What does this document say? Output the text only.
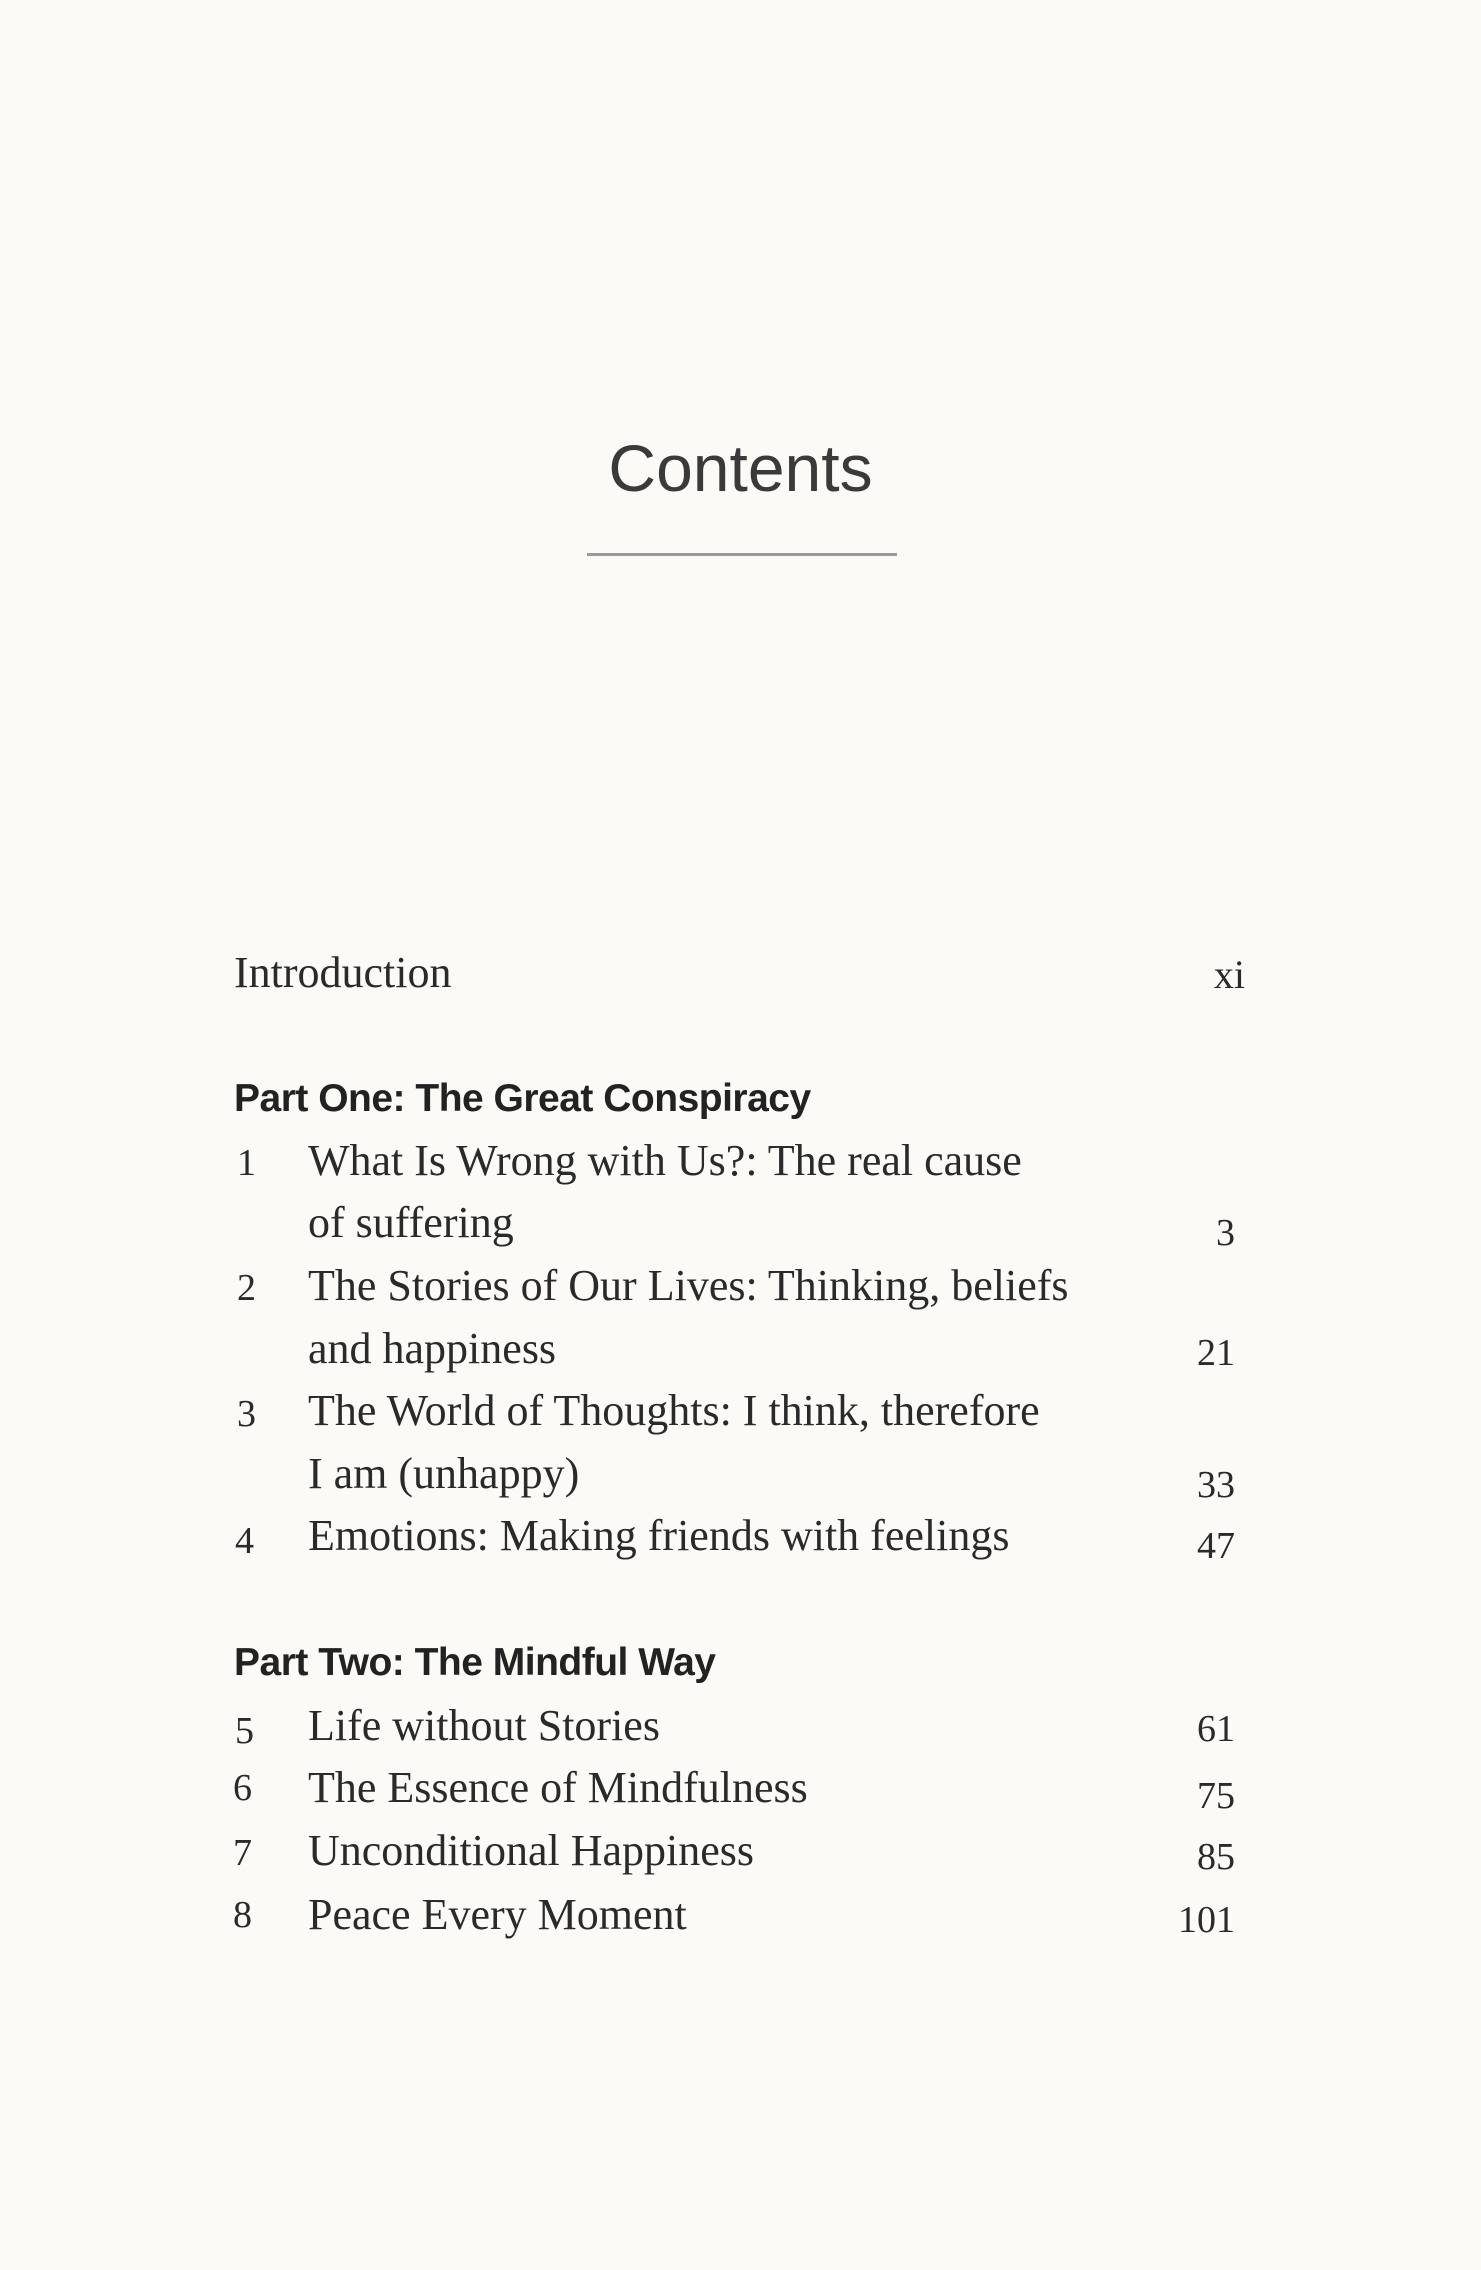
Contents
Introduction	xi
Part One: The Great Conspiracy
1 What Is Wrong with Us?: The real cause
of suffering	3
2 The Stories of Our Lives: Thinking, beliefs
and happiness	21
3 The World of Thoughts: I think, therefore
I am (unhappy)	33
4 Emotions: Making friends with feelings	47
Part Two: The Mindful Way
5 Life without Stories	61
6 The Essence of Mindfulness	75
7 Unconditional Happiness	85
8 Peace Every Moment	101
